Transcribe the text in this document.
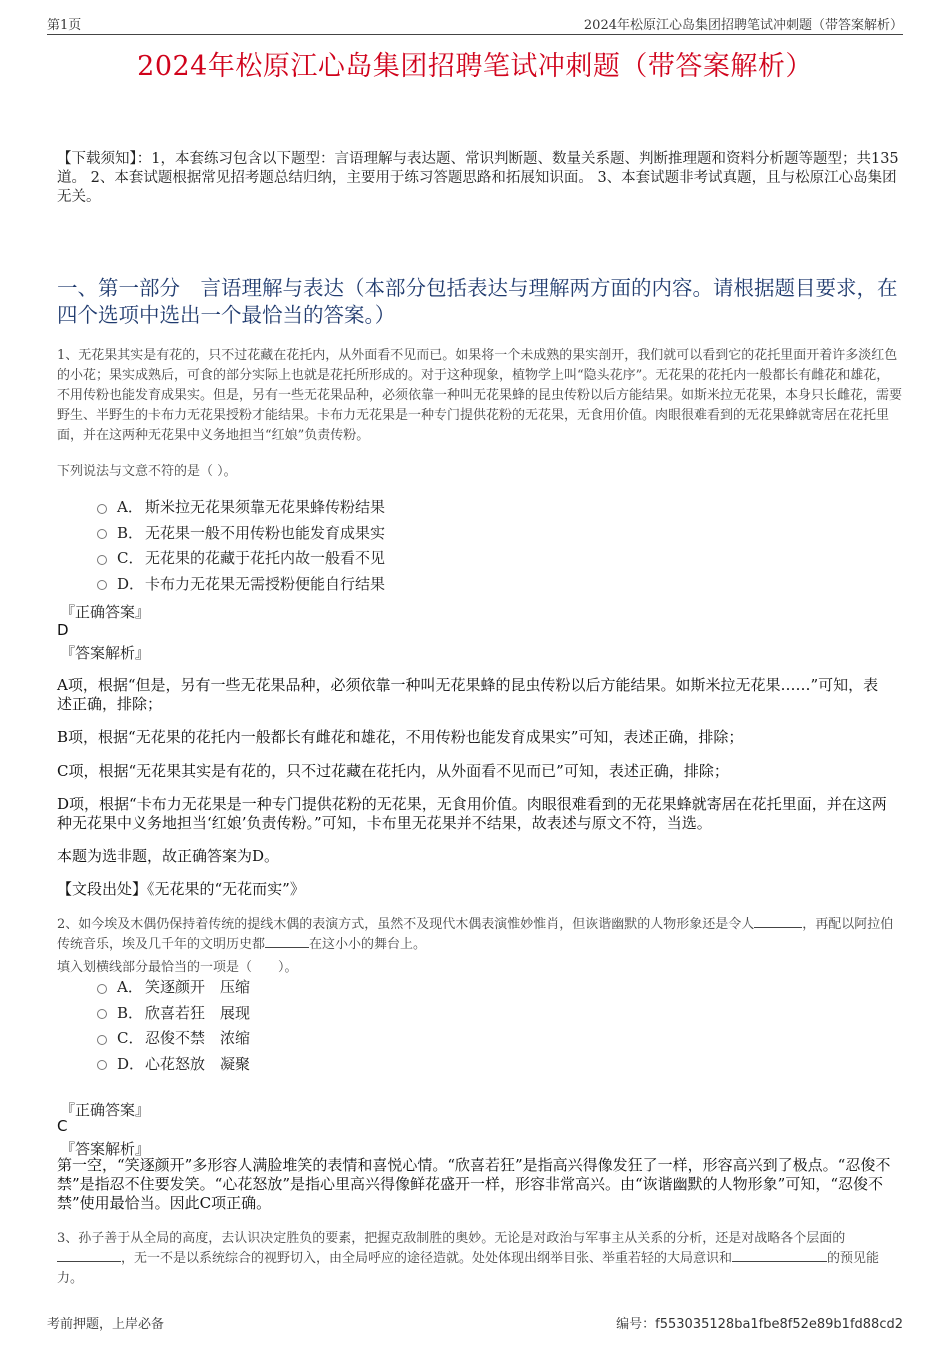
第1页	2024年松原江心岛集团招聘笔试冲刺题（带答案解析）
2024年松原江心岛集团招聘笔试冲刺题（带答案解析）
【下载须知】：1，本套练习包含以下题型：言语理解与表达题、常识判断题、数量关系题、判断推理题和资料分析题等题型；共135道。 2、本套试题根据常见招考题总结归纳，主要用于练习答题思路和拓展知识面。 3、本套试题非考试真题，且与松原江心岛集团无关。
一、第一部分　言语理解与表达（本部分包括表达与理解两方面的内容。请根据题目要求，在四个选项中选出一个最恰当的答案。）
1、无花果其实是有花的，只不过花藏在花托内，从外面看不见而已。如果将一个未成熟的果实剖开，我们就可以看到它的花托里面开着许多淡红色的小花；果实成熟后，可食的部分实际上也就是花托所形成的。对于这种现象，植物学上叫“隐头花序”。无花果的花托内一般都长有雌花和雄花，不用传粉也能发育成果实。但是，另有一些无花果品种，必须依靠一种叫无花果蜂的昆虫传粉以后方能结果。如斯米拉无花果，本身只长雌花，需要野生、半野生的卡布力无花果授粉才能结果。卡布力无花果是一种专门提供花粉的无花果，无食用价值。肉眼很难看到的无花果蜂就寄居在花托里面，并在这两种无花果中义务地担当“红娘”负责传粉。
下列说法与文意不符的是（ ）。
A． 斯米拉无花果须靠无花果蜂传粉结果
B． 无花果一般不用传粉也能发育成果实
C． 无花果的花藏于花托内故一般看不见
D． 卡布力无花果无需授粉便能自行结果
『正确答案』
D
『答案解析』
A项，根据“但是，另有一些无花果品种，必须依靠一种叫无花果蜂的昆虫传粉以后方能结果。如斯米拉无花果……”可知，表述正确，排除；
B项，根据“无花果的花托内一般都长有雌花和雄花，不用传粉也能发育成果实”可知，表述正确，排除；
C项，根据“无花果其实是有花的，只不过花藏在花托内，从外面看不见而已”可知，表述正确，排除；
D项，根据“卡布力无花果是一种专门提供花粉的无花果，无食用价值。肉眼很难看到的无花果蜂就寄居在花托里面，并在这两种无花果中义务地担当‘红娘’负责传粉。”可知，卡布里无花果并不结果，故表述与原文不符，当选。
本题为选非题，故正确答案为D。
【文段出处】《无花果的“无花而实”》
2、如今埃及木偶仍保持着传统的提线木偶的表演方式，虽然不及现代木偶表演惟妙惟肖，但诙谐幽默的人物形象还是令人	，再配以阿拉伯传统音乐，埃及几千年的文明历史都	在这小小的舞台上。
填入划横线部分最恰当的一项是（　　）。
A． 笑逐颜开　压缩
B． 欣喜若狂　展现
C． 忍俊不禁　浓缩
D． 心花怒放　凝聚
『正确答案』
C
『答案解析』
第一空，“笑逐颜开”多形容人满脸堆笑的表情和喜悦心情。“欣喜若狂”是指高兴得像发狂了一样，形容高兴到了极点。“忍俊不禁”是指忍不住要发笑。“心花怒放”是指心里高兴得像鲜花盛开一样，形容非常高兴。由“诙谐幽默的人物形象”可知，“忍俊不禁”使用最恰当。因此C项正确。
3、孙子善于从全局的高度，去认识决定胜负的要素，把握克敌制胜的奥妙。无论是对政治与军事主从关系的分析，还是对战略各个层面的，无一不是以系统综合的视野切入，由全局呼应的途径造就。处处体现出纲举目张、举重若轻的大局意识和	的预见能力。
考前押题，上岸必备	编号：f553035128ba1fbe8f52e89b1fd88cd2
